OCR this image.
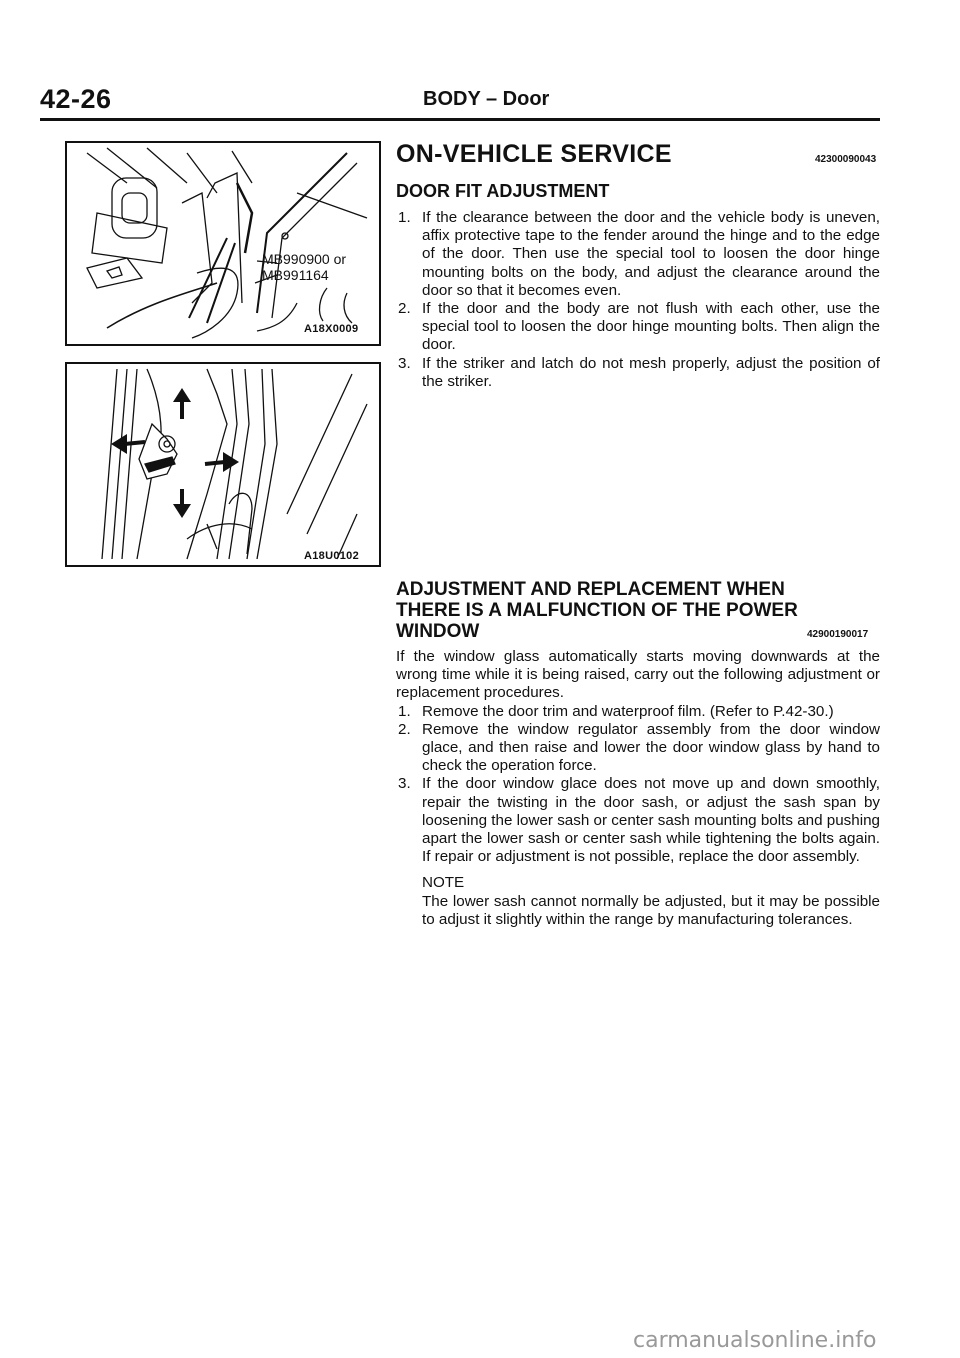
42-26	BODY – Door
MB990900 or
MB991164
A18X0009
A18U0102
ON-VEHICLE SERVICE	42300090043
DOOR FIT ADJUSTMENT
1. If the clearance between the door and the vehicle body is uneven, affix protective tape to the fender around the hinge and to the edge of the door. Then use the special tool to loosen the door hinge mounting bolts on the body, and adjust the clearance around the door so that it becomes even.
2. If the door and the body are not flush with each other, use the special tool to loosen the door hinge mounting bolts. Then align the door.
3. If the striker and latch do not mesh properly, adjust the position of the striker.
ADJUSTMENT AND REPLACEMENT WHEN
THERE IS A MALFUNCTION OF THE POWER
WINDOW	42900190017
If the window glass automatically starts moving downwards at the wrong time while it is being raised, carry out the following adjustment or replacement procedures.
1. Remove the door trim and waterproof film. (Refer to P.42-30.)
2. Remove the window regulator assembly from the door window glace, and then raise and lower the door window glass by hand to check the operation force.
3. If the door window glace does not move up and down smoothly, repair the twisting in the door sash, or adjust the sash span by loosening the lower sash or center sash mounting bolts and pushing apart the lower sash or center sash while tightening the bolts again. If repair or adjustment is not possible, replace the door assembly.
NOTE
The lower sash cannot normally be adjusted, but it may be possible to adjust it slightly within the range by manufacturing tolerances.
carmanualsonline.info
